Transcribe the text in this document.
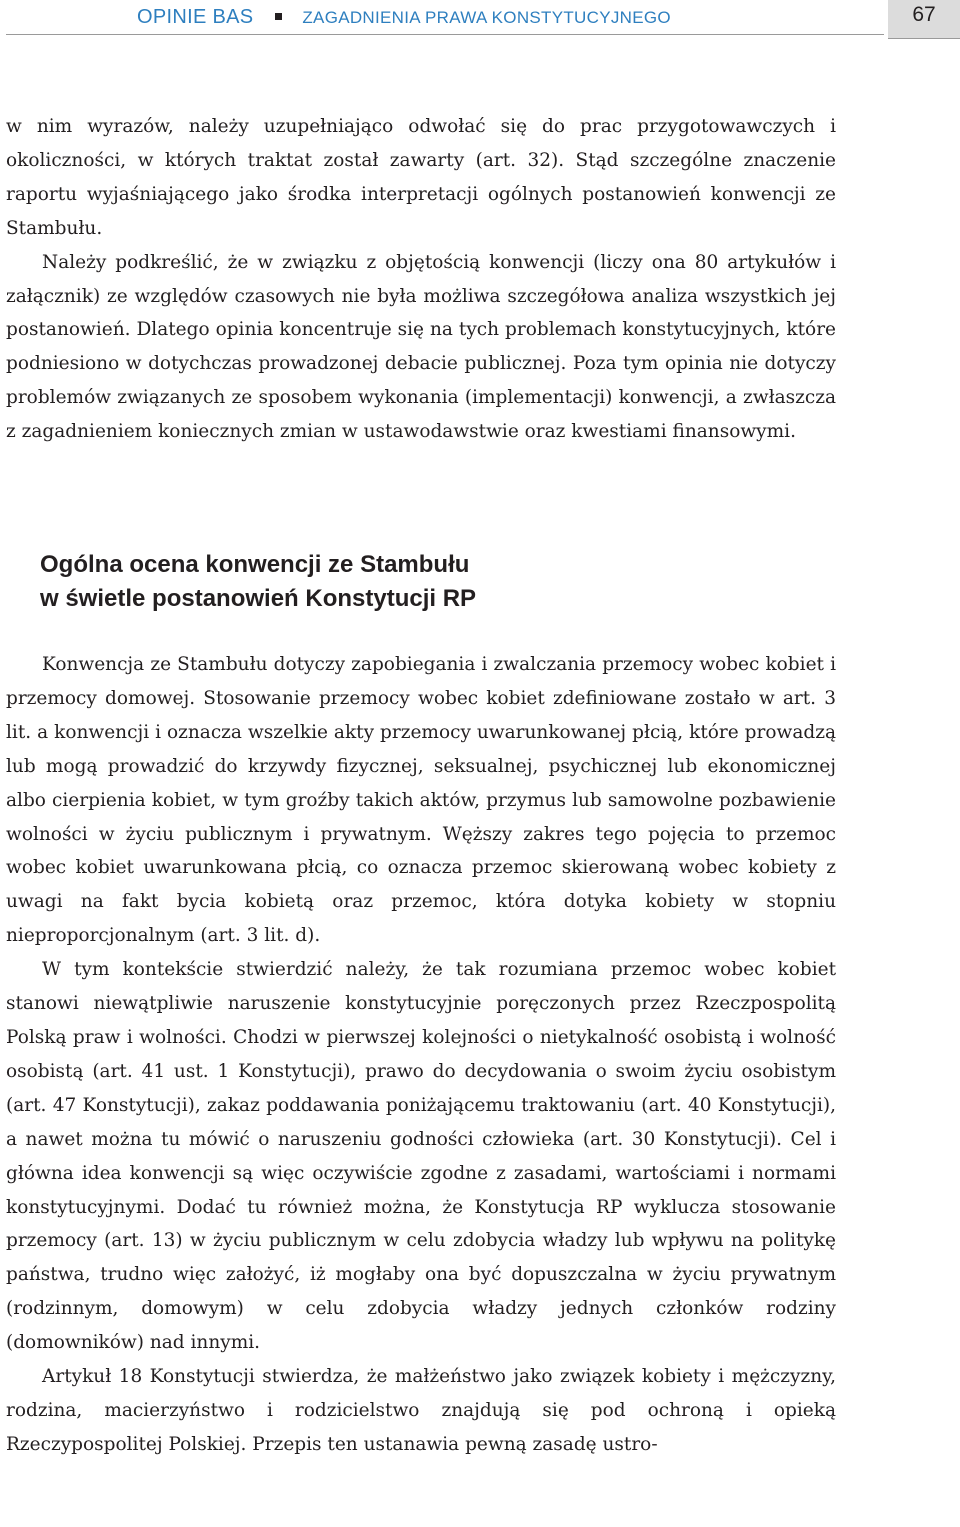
OPINIE BAS	ZAGADNIENIA PRAWA KONSTYTUCYJNEGO	67

w nim wyrazów, należy uzupełniająco odwołać się do prac przygotowawczych i okoliczności, w których traktat został zawarty (art. 32). Stąd szczególne znaczenie raportu wyjaśniającego jako środka interpretacji ogólnych postanowień konwencji ze Stambułu.

Należy podkreślić, że w związku z objętością konwencji (liczy ona 80 artykułów i załącznik) ze względów czasowych nie była możliwa szczegółowa analiza wszystkich jej postanowień. Dlatego opinia koncentruje się na tych problemach konstytucyjnych, które podniesiono w dotychczas prowadzonej debacie publicznej. Poza tym opinia nie dotyczy problemów związanych ze sposobem wykonania (implementacji) konwencji, a zwłaszcza z zagadnieniem koniecznych zmian w ustawodawstwie oraz kwestiami finansowymi.

Ogólna ocena konwencji ze Stambułu
w świetle postanowień Konstytucji RP

Konwencja ze Stambułu dotyczy zapobiegania i zwalczania przemocy wobec kobiet i przemocy domowej. Stosowanie przemocy wobec kobiet zdefiniowane zostało w art. 3 lit. a konwencji i oznacza wszelkie akty przemocy uwarunkowanej płcią, które prowadzą lub mogą prowadzić do krzywdy fizycznej, seksualnej, psychicznej lub ekonomicznej albo cierpienia kobiet, w tym groźby takich aktów, przymus lub samowolne pozbawienie wolności w życiu publicznym i prywatnym. Węższy zakres tego pojęcia to przemoc wobec kobiet uwarunkowana płcią, co oznacza przemoc skierowaną wobec kobiety z uwagi na fakt bycia kobietą oraz przemoc, która dotyka kobiety w stopniu nieproporcjonalnym (art. 3 lit. d).

W tym kontekście stwierdzić należy, że tak rozumiana przemoc wobec kobiet stanowi niewątpliwie naruszenie konstytucyjnie poręczonych przez Rzeczpospolitą Polską praw i wolności. Chodzi w pierwszej kolejności o nietykalność osobistą i wolność osobistą (art. 41 ust. 1 Konstytucji), prawo do decydowania o swoim życiu osobistym (art. 47 Konstytucji), zakaz poddawania poniżającemu traktowaniu (art. 40 Konstytucji), a nawet można tu mówić o naruszeniu godności człowieka (art. 30 Konstytucji). Cel i główna idea konwencji są więc oczywiście zgodne z zasadami, wartościami i normami konstytucyjnymi. Dodać tu również można, że Konstytucja RP wyklucza stosowanie przemocy (art. 13) w życiu publicznym w celu zdobycia władzy lub wpływu na politykę państwa, trudno więc założyć, iż mogłaby ona być dopuszczalna w życiu prywatnym (rodzinnym, domowym) w celu zdobycia władzy jednych członków rodziny (domowników) nad innymi.

Artykuł 18 Konstytucji stwierdza, że małżeństwo jako związek kobiety i mężczyzny, rodzina, macierzyństwo i rodzicielstwo znajdują się pod ochroną i opieką Rzeczypospolitej Polskiej. Przepis ten ustanawia pewną zasadę ustro-
